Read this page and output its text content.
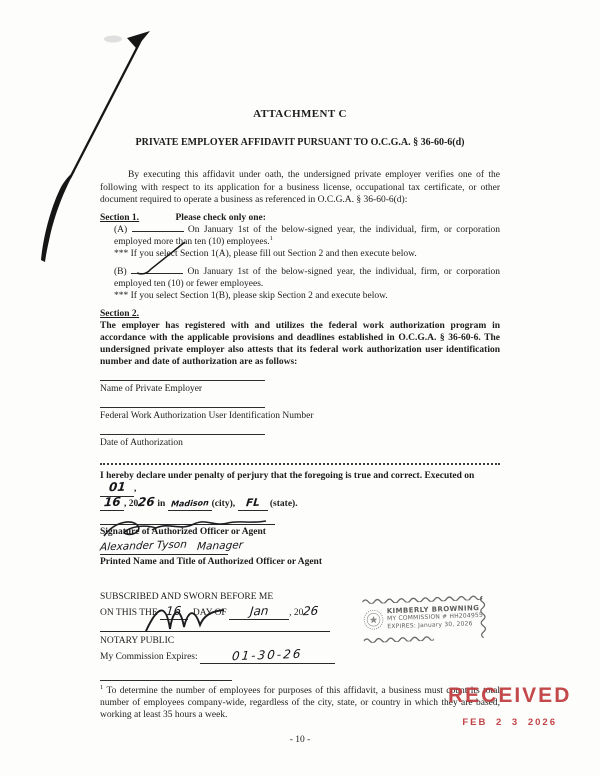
ATTACHMENT C
PRIVATE EMPLOYER AFFIDAVIT PURSUANT TO O.C.G.A. § 36-60-6(d)

By executing this affidavit under oath, the undersigned private employer verifies one of the following with respect to its application for a business license, occupational tax certificate, or other document required to operate a business as referenced in O.C.G.A. § 36-60-6(d):

Section 1.	Please check only one:

(A)	On January 1st of the below-signed year, the individual, firm, or corporation employed more than ten (10) employees.$^1$

*** If you select Section 1(A), please fill out Section 2 and then execute below.

(B)	On January 1st of the below-signed year, the individual, firm, or corporation employed ten (10) or fewer employees.

*** If you select Section 1(B), please skip Section 2 and execute below.

Section 2.

The employer has registered with and utilizes the federal work authorization program in accordance with the applicable provisions and deadlines established in O.C.G.A. § 36-60-6. The undersigned private employer also attests that its federal work authorization user identification number and date of authorization are as follows:

Name of Private Employer
Federal Work Authorization User Identification Number
Date of Authorization

I hereby declare under penalty of perjury that the foregoing is true and correct. Executed on 01 ,
16 , 2026 in Madison (city), FL (state).

Signature of Authorized Officer or Agent
Alexander Tyson Manager
Printed Name and Title of Authorized Officer or Agent
SUBSCRIBED AND SWORN BEFORE ME
ON THIS THE 16 , DAY OF Jan , 2026
NOTARY PUBLIC
My Commission Expires:	01-30-26
KIMBERLY BROWNING
MY COMMISSION # HH204955
EXPIRES: January 30, 2026

$^1$ To determine the number of employees for purposes of this affidavit, a business must count its total number of employees company-wide, regardless of the city, state, or country in which they are based, working at least 35 hours a week.

- 10 -
RECEIVED
FEB 2 3 2026
